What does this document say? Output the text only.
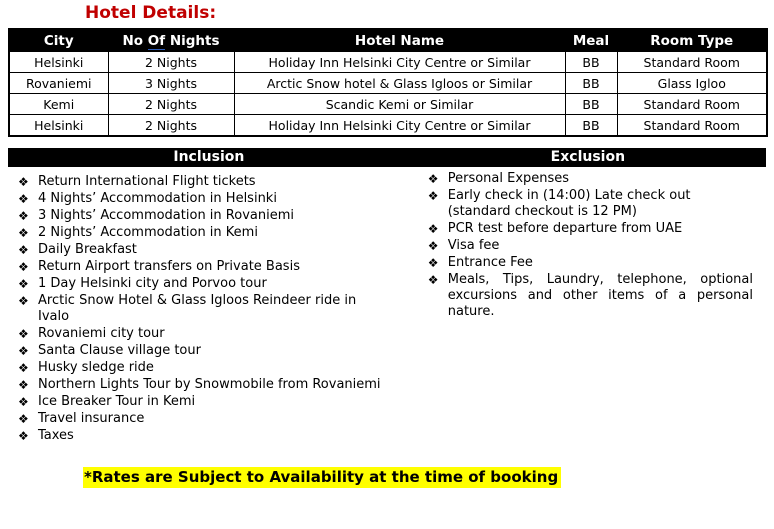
Hotel Details:
City	No Of Nights	Hotel Name	Meal	Room Type
Helsinki	2 Nights	Holiday Inn Helsinki City Centre or Similar	BB	Standard Room
Rovaniemi	3 Nights	Arctic Snow hotel & Glass Igloos or Similar	BB	Glass Igloo
Kemi	2 Nights	Scandic Kemi or Similar	BB	Standard Room
Helsinki	2 Nights	Holiday Inn Helsinki City Centre or Similar	BB	Standard Room
Inclusion	Exclusion
❖ Return International Flight tickets
❖ 4 Nights’ Accommodation in Helsinki
❖ 3 Nights’ Accommodation in Rovaniemi
❖ 2 Nights’ Accommodation in Kemi
❖ Daily Breakfast
❖ Return Airport transfers on Private Basis
❖ 1 Day Helsinki city and Porvoo tour
❖ Arctic Snow Hotel & Glass Igloos Reindeer ride in Ivalo
❖ Rovaniemi city tour
❖ Santa Clause village tour
❖ Husky sledge ride
❖ Northern Lights Tour by Snowmobile from Rovaniemi
❖ Ice Breaker Tour in Kemi
❖ Travel insurance
❖ Taxes
❖ Personal Expenses
❖ Early check in (14:00) Late check out (standard checkout is 12 PM)
❖ PCR test before departure from UAE
❖ Visa fee
❖ Entrance Fee
❖ Meals, Tips, Laundry, telephone, optional excursions and other items of a personal nature.
*Rates are Subject to Availability at the time of booking
